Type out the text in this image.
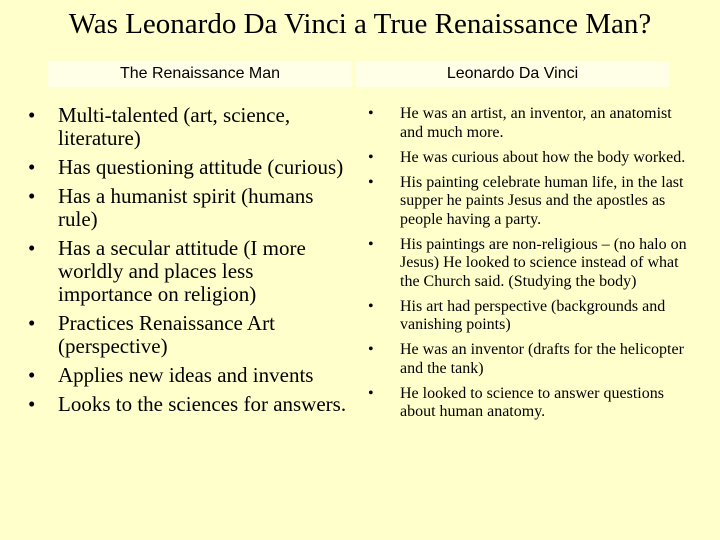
Was Leonardo Da Vinci a True Renaissance Man?
The Renaissance Man	Leonardo Da Vinci
• Multi-talented (art, science, literature)
• Has questioning attitude (curious)
• Has a humanist spirit (humans rule)
• Has a secular attitude (I more worldly and places less importance on religion)
• Practices Renaissance Art (perspective)
• Applies new ideas and invents
• Looks to the sciences for answers.
• He was an artist, an inventor, an anatomist and much more.
• He was curious about how the body worked.
• His painting celebrate human life, in the last supper he paints Jesus and the apostles as people having a party.
• His paintings are non-religious – (no halo on Jesus) He looked to science instead of what the Church said. (Studying the body)
• His art had perspective (backgrounds and vanishing points)
• He was an inventor (drafts for the helicopter and the tank)
• He looked to science to answer questions about human anatomy.
